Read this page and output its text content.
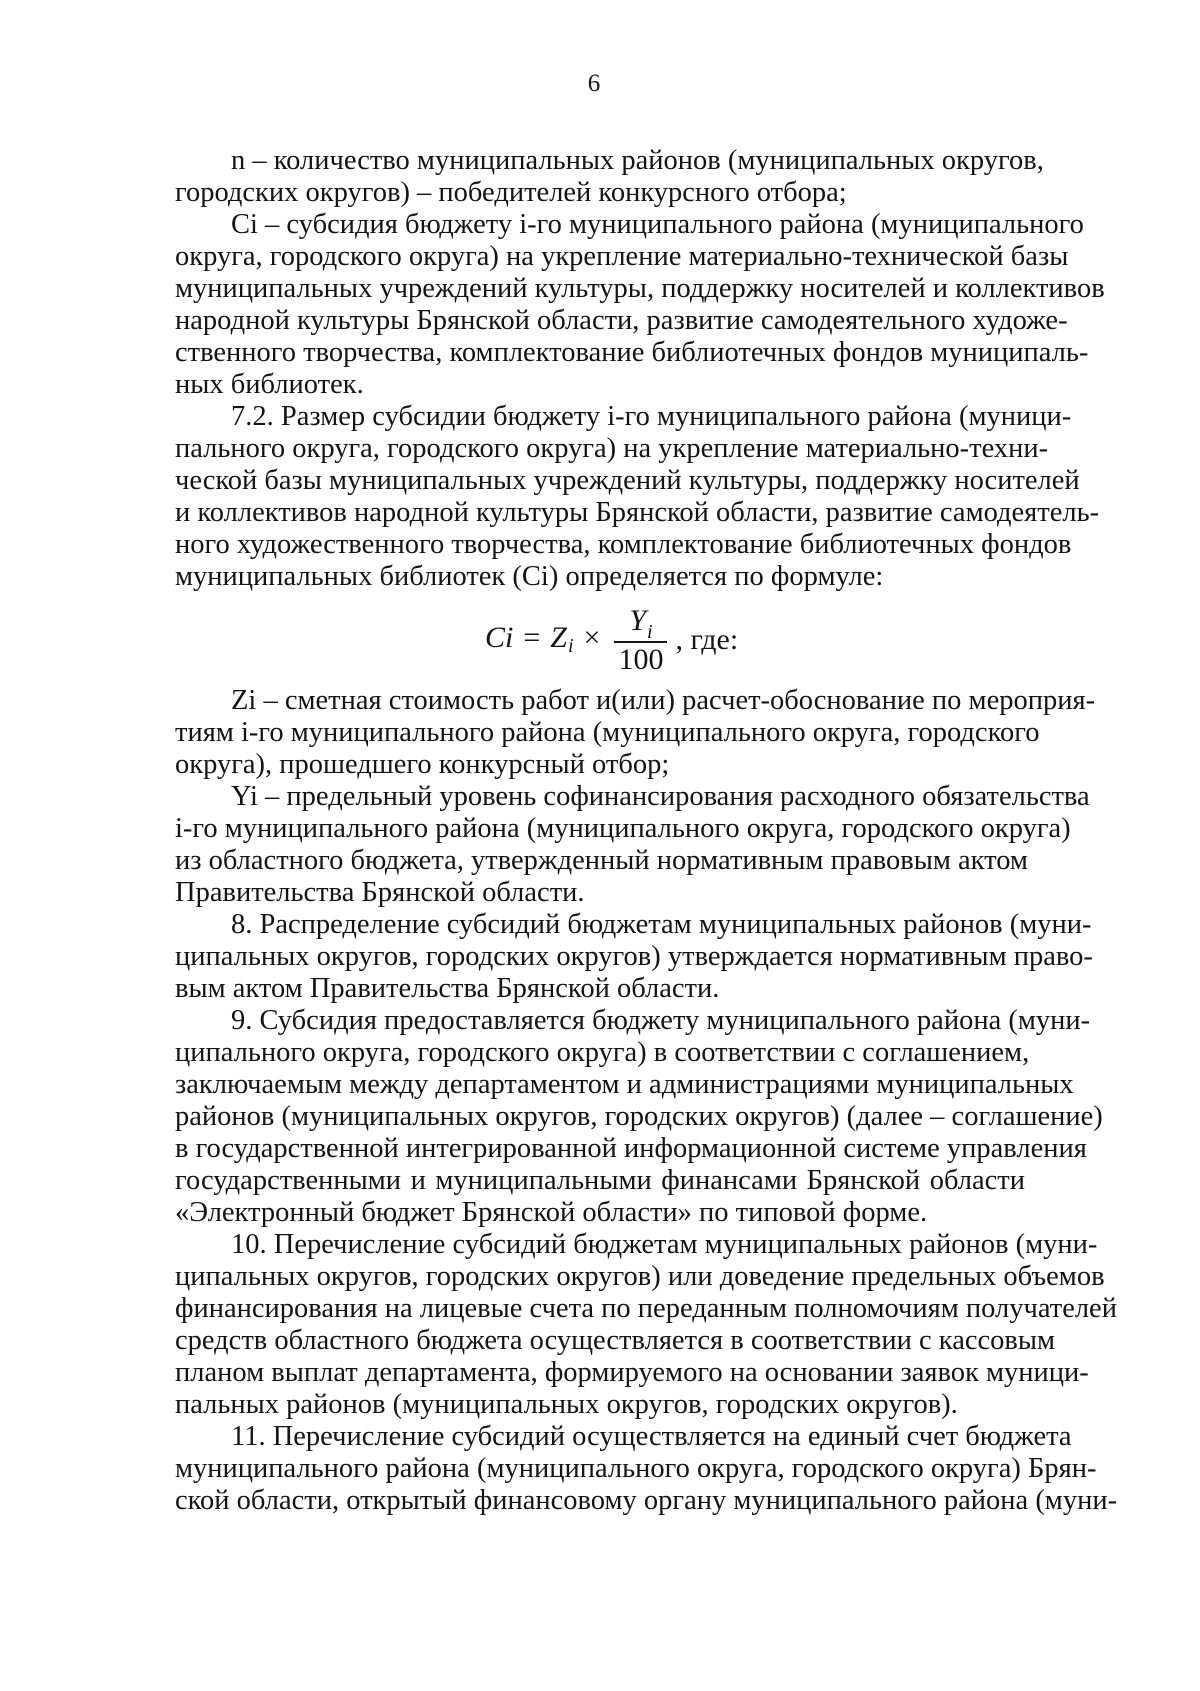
6
n – количество муниципальных районов (муниципальных округов,
городских округов) – победителей конкурсного отбора;
Сi – субсидия бюджету i-го муниципального района (муниципального
округа, городского округа) на укрепление материально-технической базы
муниципальных учреждений культуры, поддержку носителей и коллективов
народной культуры Брянской области, развитие самодеятельного художе-
ственного творчества, комплектование библиотечных фондов муниципаль-
ных библиотек.
7.2. Размер субсидии бюджету i-го муниципального района (муници-
пального округа, городского округа) на укрепление материально-техни-
ческой базы муниципальных учреждений культуры, поддержку носителей
и коллективов народной культуры Брянской области, развитие самодеятель-
ного художественного творчества, комплектование библиотечных фондов
муниципальных библиотек (Сi) определяется по формуле:
Ci = Z $i \times \frac{Y_i}{100}$ , где:
Zi – сметная стоимость работ и(или) расчет-обоснование по мероприя-
тиям i-го муниципального района (муниципального округа, городского
округа), прошедшего конкурсный отбор;
Yi – предельный уровень софинансирования расходного обязательства
i-го муниципального района (муниципального округа, городского округа)
из областного бюджета, утвержденный нормативным правовым актом
Правительства Брянской области.
8. Распределение субсидий бюджетам муниципальных районов (муни-
ципальных округов, городских округов) утверждается нормативным право-
вым актом Правительства Брянской области.
9. Субсидия предоставляется бюджету муниципального района (муни-
ципального округа, городского округа) в соответствии с соглашением,
заключаемым между департаментом и администрациями муниципальных
районов (муниципальных округов, городских округов) (далее – соглашение)
в государственной интегрированной информационной системе управления
государственными и муниципальными финансами Брянской области
«Электронный бюджет Брянской области» по типовой форме.
10. Перечисление субсидий бюджетам муниципальных районов (муни-
ципальных округов, городских округов) или доведение предельных объемов
финансирования на лицевые счета по переданным полномочиям получателей
средств областного бюджета осуществляется в соответствии с кассовым
планом выплат департамента, формируемого на основании заявок муници-
пальных районов (муниципальных округов, городских округов).
11. Перечисление субсидий осуществляется на единый счет бюджета
муниципального района (муниципального округа, городского округа) Брян-
ской области, открытый финансовому органу муниципального района (муни-
